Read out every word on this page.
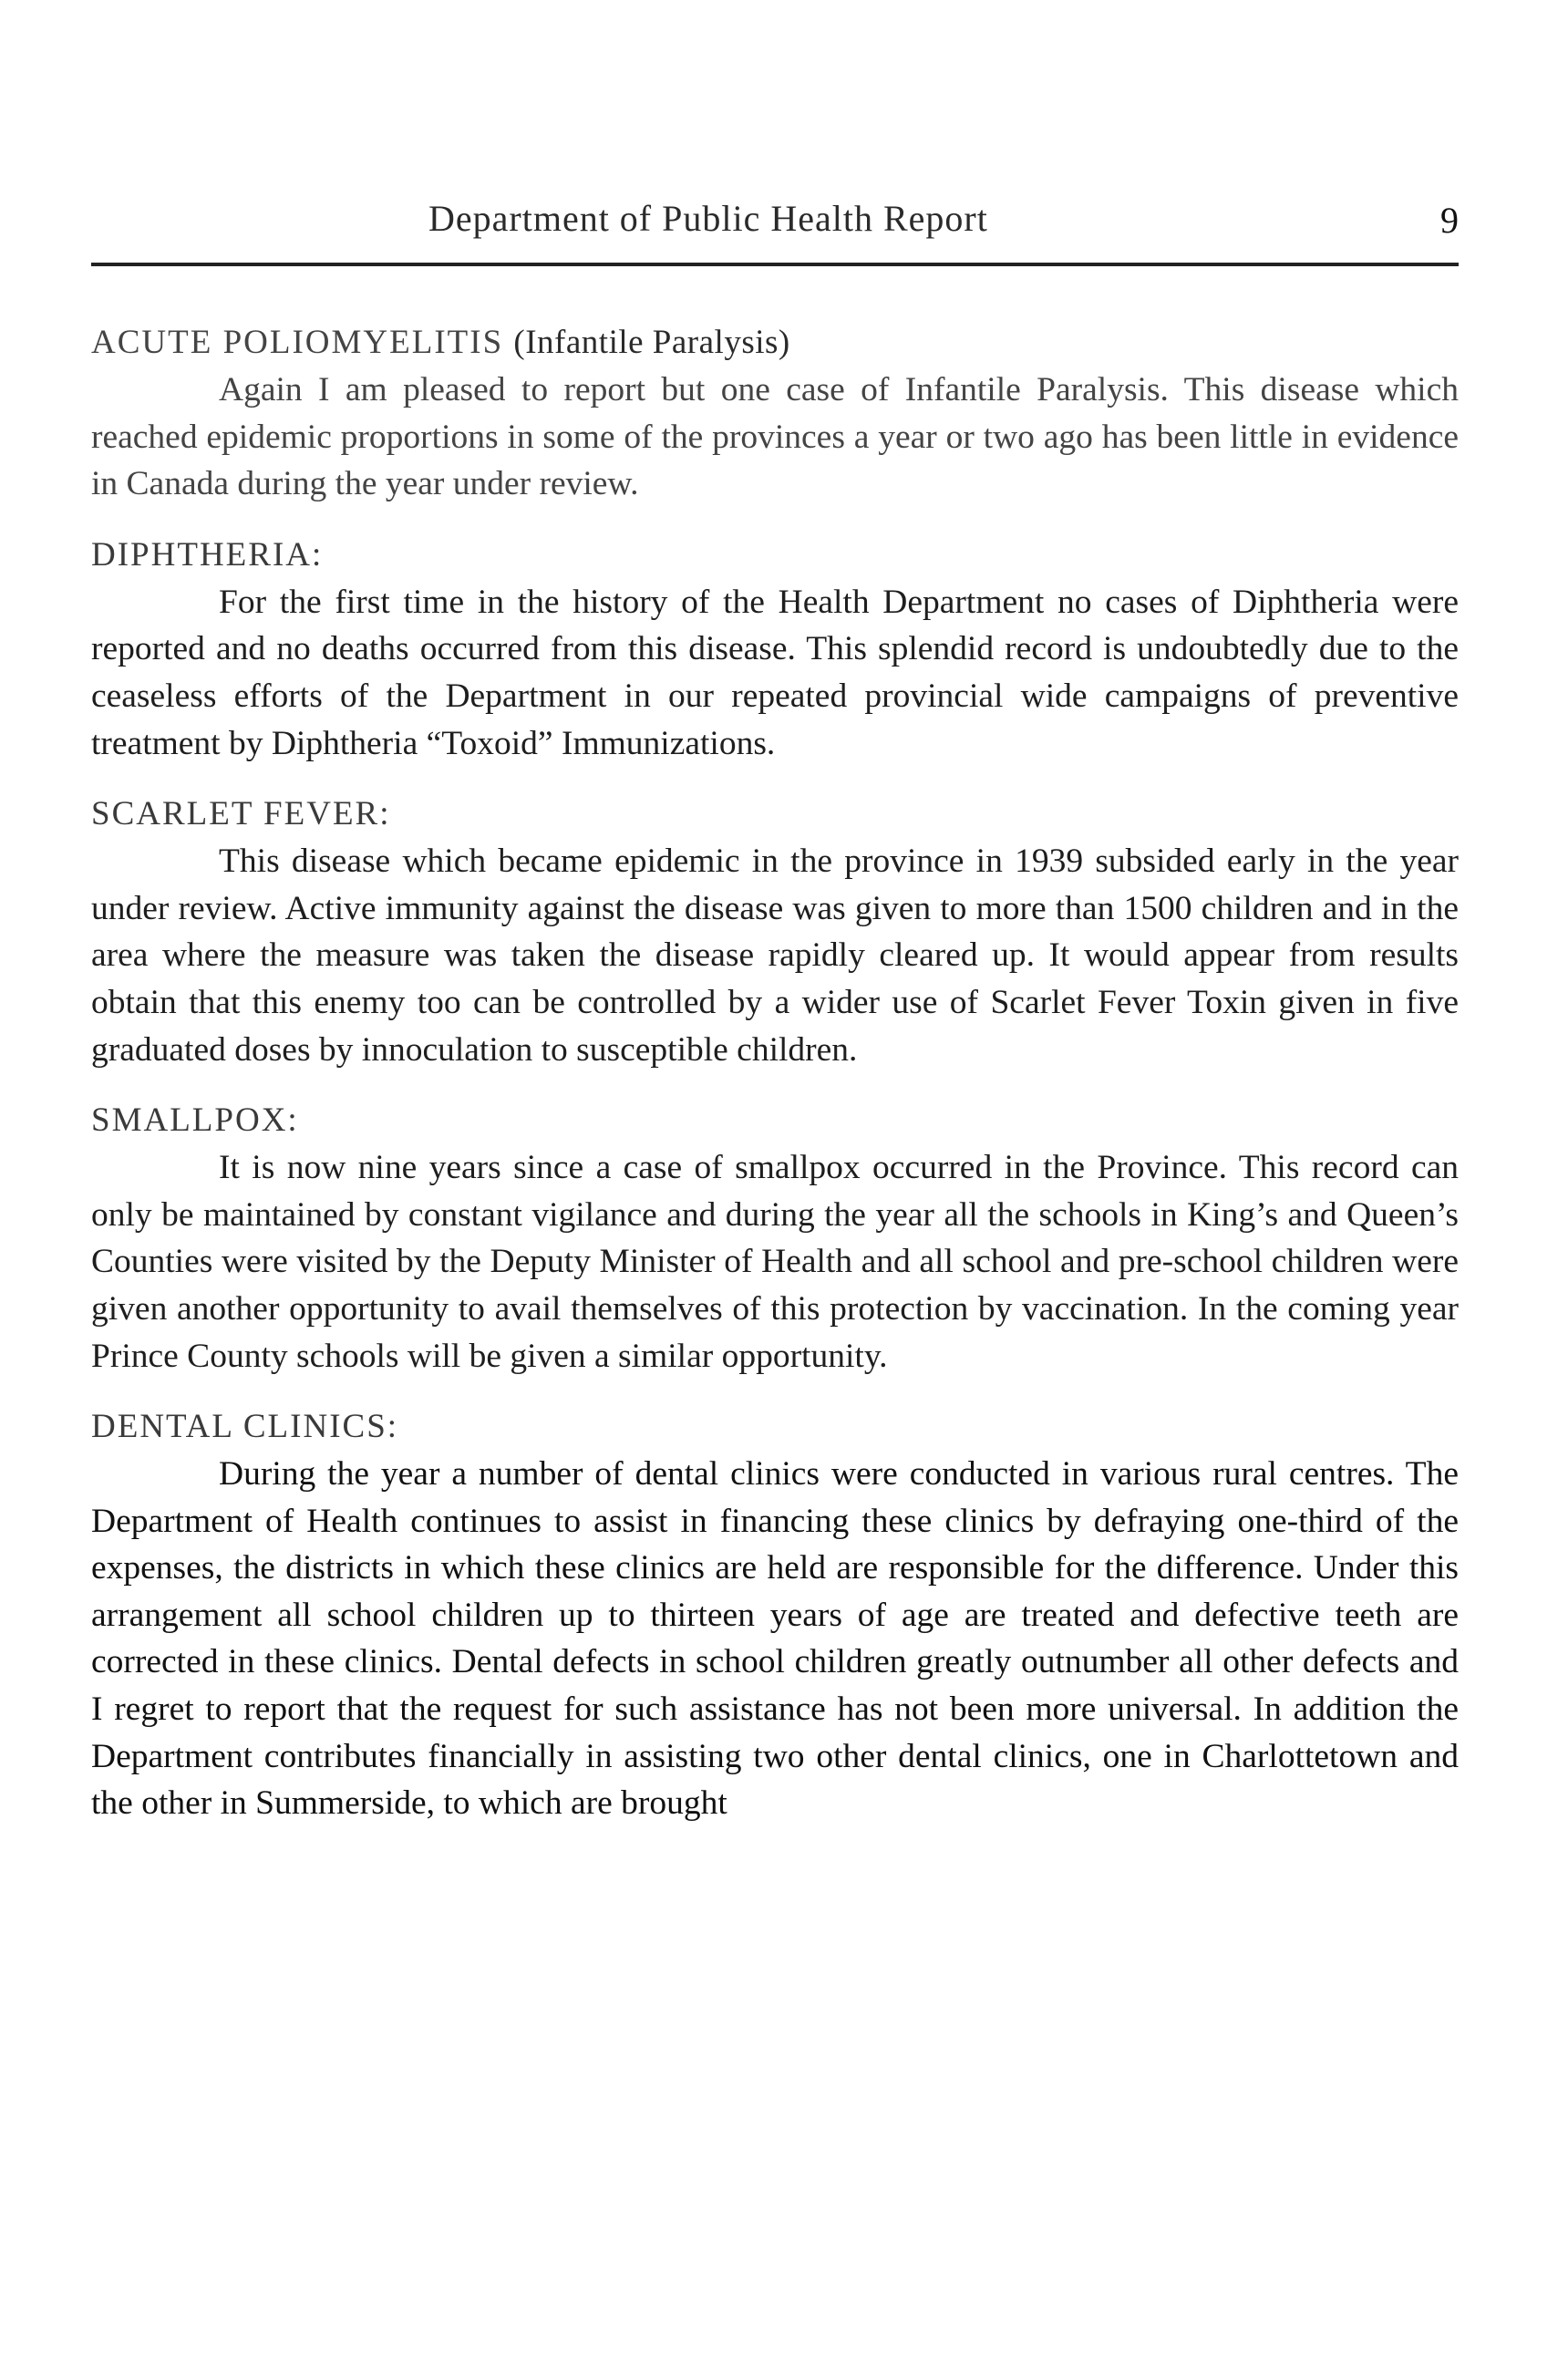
Department of Public Health Report	9

ACUTE POLIOMYELITIS (Infantile Paralysis)

Again I am pleased to report but one case of Infantile Paralysis. This disease which reached epidemic proportions in some of the provinces a year or two ago has been little in evidence in Canada during the year under review.

DIPHTHERIA:

For the first time in the history of the Health Department no cases of Diphtheria were reported and no deaths occurred from this disease. This splendid record is undoubtedly due to the ceaseless efforts of the Department in our repeated provincial wide campaigns of preventive treatment by Diphtheria “Toxoid” Immunizations.

SCARLET FEVER:

This disease which became epidemic in the province in 1939 subsided early in the year under review. Active immunity against the disease was given to more than 1500 children and in the area where the measure was taken the disease rapidly cleared up. It would appear from results obtain that this enemy too can be controlled by a wider use of Scarlet Fever Toxin given in five graduated doses by innoculation to susceptible children.

SMALLPOX:

It is now nine years since a case of smallpox occurred in the Province. This record can only be maintained by constant vigilance and during the year all the schools in King’s and Queen’s Counties were visited by the Deputy Minister of Health and all school and pre-school children were given another opportunity to avail themselves of this protection by vaccination. In the coming year Prince County schools will be given a similar opportunity.

DENTAL CLINICS:

During the year a number of dental clinics were conducted in various rural centres. The Department of Health continues to assist in financing these clinics by defraying one-third of the expenses, the districts in which these clinics are held are responsible for the difference. Under this arrangement all school children up to thirteen years of age are treated and defective teeth are corrected in these clinics. Dental defects in school children greatly outnumber all other defects and I regret to report that the request for such assistance has not been more universal. In addition the Department contributes financially in assisting two other dental clinics, one in Charlottetown and the other in Summerside, to which are brought
